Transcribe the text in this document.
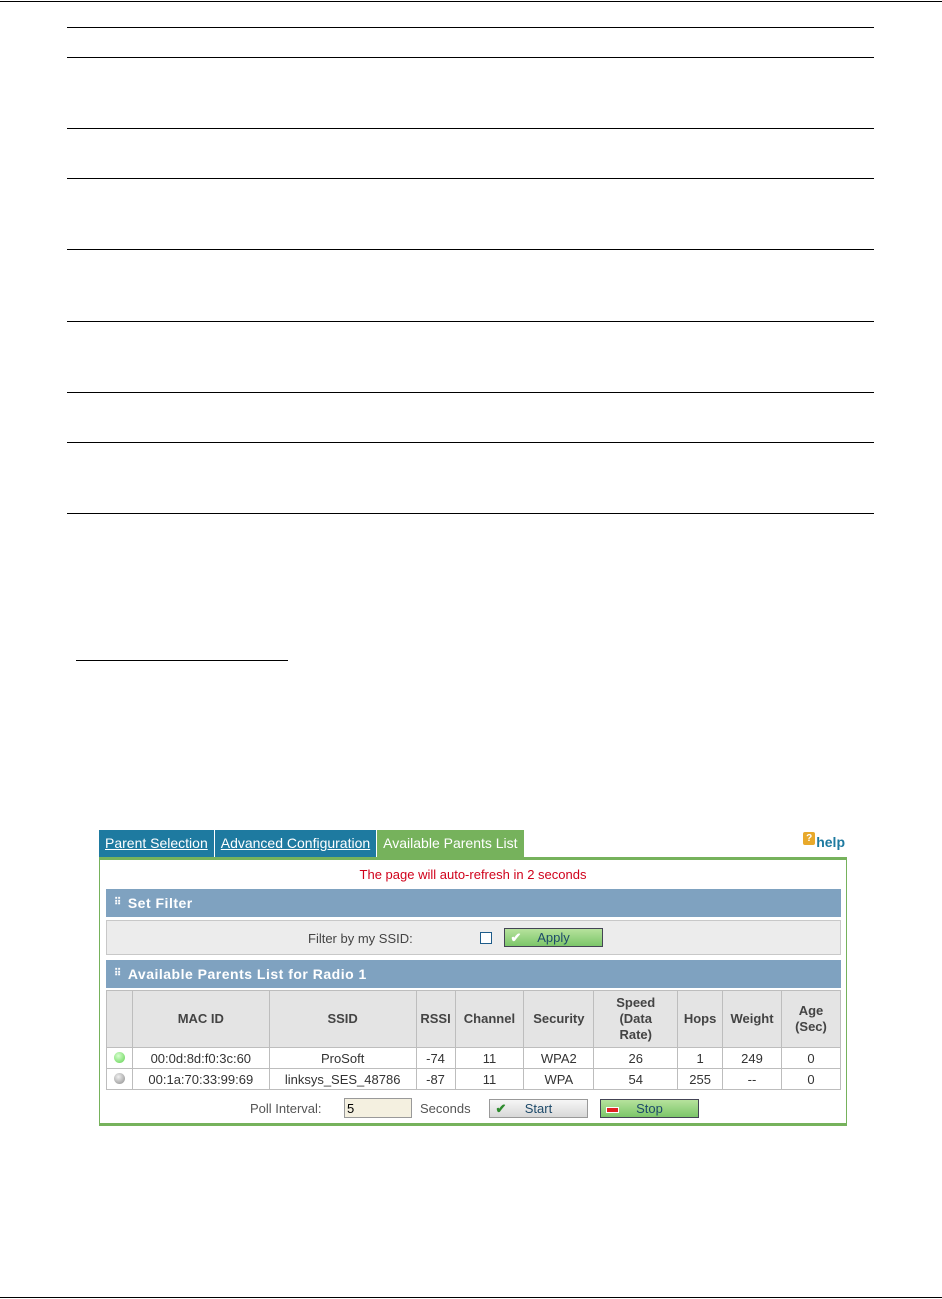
Parent Selection Advanced Configuration Available Parents List	? help
The page will auto-refresh in 2 seconds
⠿ Set Filter
Filter by my SSID:	✔	Apply
⠿ Available Parents List for Radio 1
	MAC ID	SSID	RSSI	Channel	Security	Speed (Data Rate)	Hops	Weight	Age (Sec)
	00:0d:8d:f0:3c:60	ProSoft	-74	11	WPA2	26	1	249	0
	00:1a:70:33:99:69	linksys_SES_48786	-87	11	WPA	54	255	--	0
Poll Interval:
5	Seconds	✔	Start	Stop
